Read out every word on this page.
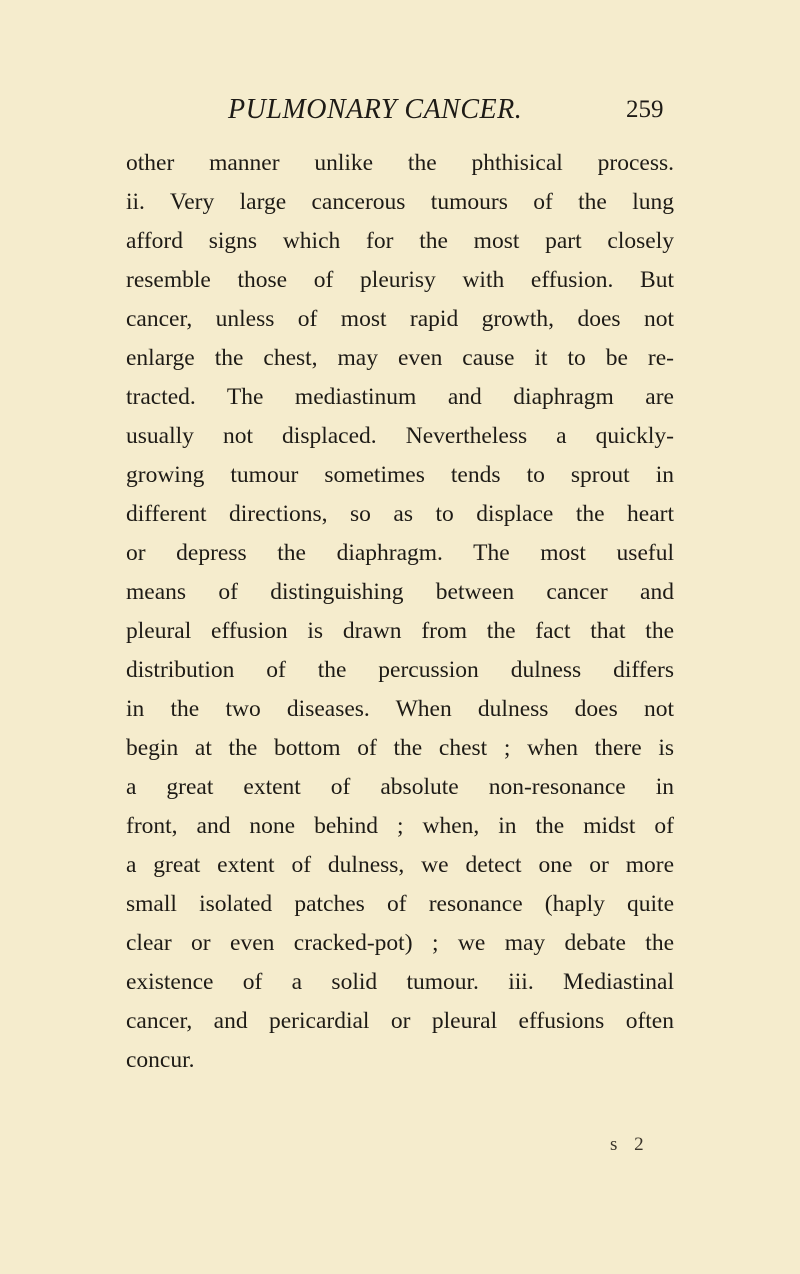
PULMONARY CANCER.	259
other manner unlike the phthisical process.
ii. Very large cancerous tumours of the lung
afford signs which for the most part closely
resemble those of pleurisy with effusion. But
cancer, unless of most rapid growth, does not
enlarge the chest, may even cause it to be re-
tracted. The mediastinum and diaphragm are
usually not displaced. Nevertheless a quickly-
growing tumour sometimes tends to sprout in
different directions, so as to displace the heart
or depress the diaphragm. The most useful
means of distinguishing between cancer and
pleural effusion is drawn from the fact that the
distribution of the percussion dulness differs
in the two diseases. When dulness does not
begin at the bottom of the chest ; when there is
a great extent of absolute non-resonance in
front, and none behind ; when, in the midst of
a great extent of dulness, we detect one or more
small isolated patches of resonance (haply quite
clear or even cracked-pot) ; we may debate the
existence of a solid tumour. iii. Mediastinal
cancer, and pericardial or pleural effusions often
concur.
s 2
